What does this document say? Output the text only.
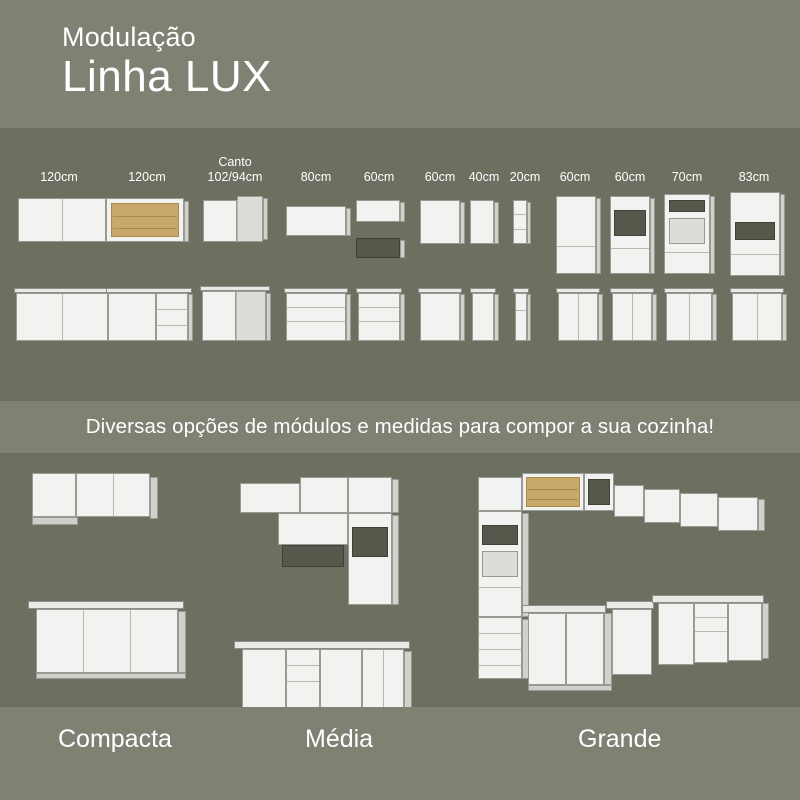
Modulação
Linha LUX
120cm	120cm
Canto
102/94cm	80cm	60cm	60cm	40cm 20cm	60cm	60cm	70cm	83cm
Diversas opções de módulos e medidas para compor a sua cozinha!
Compacta	Média	Grande
